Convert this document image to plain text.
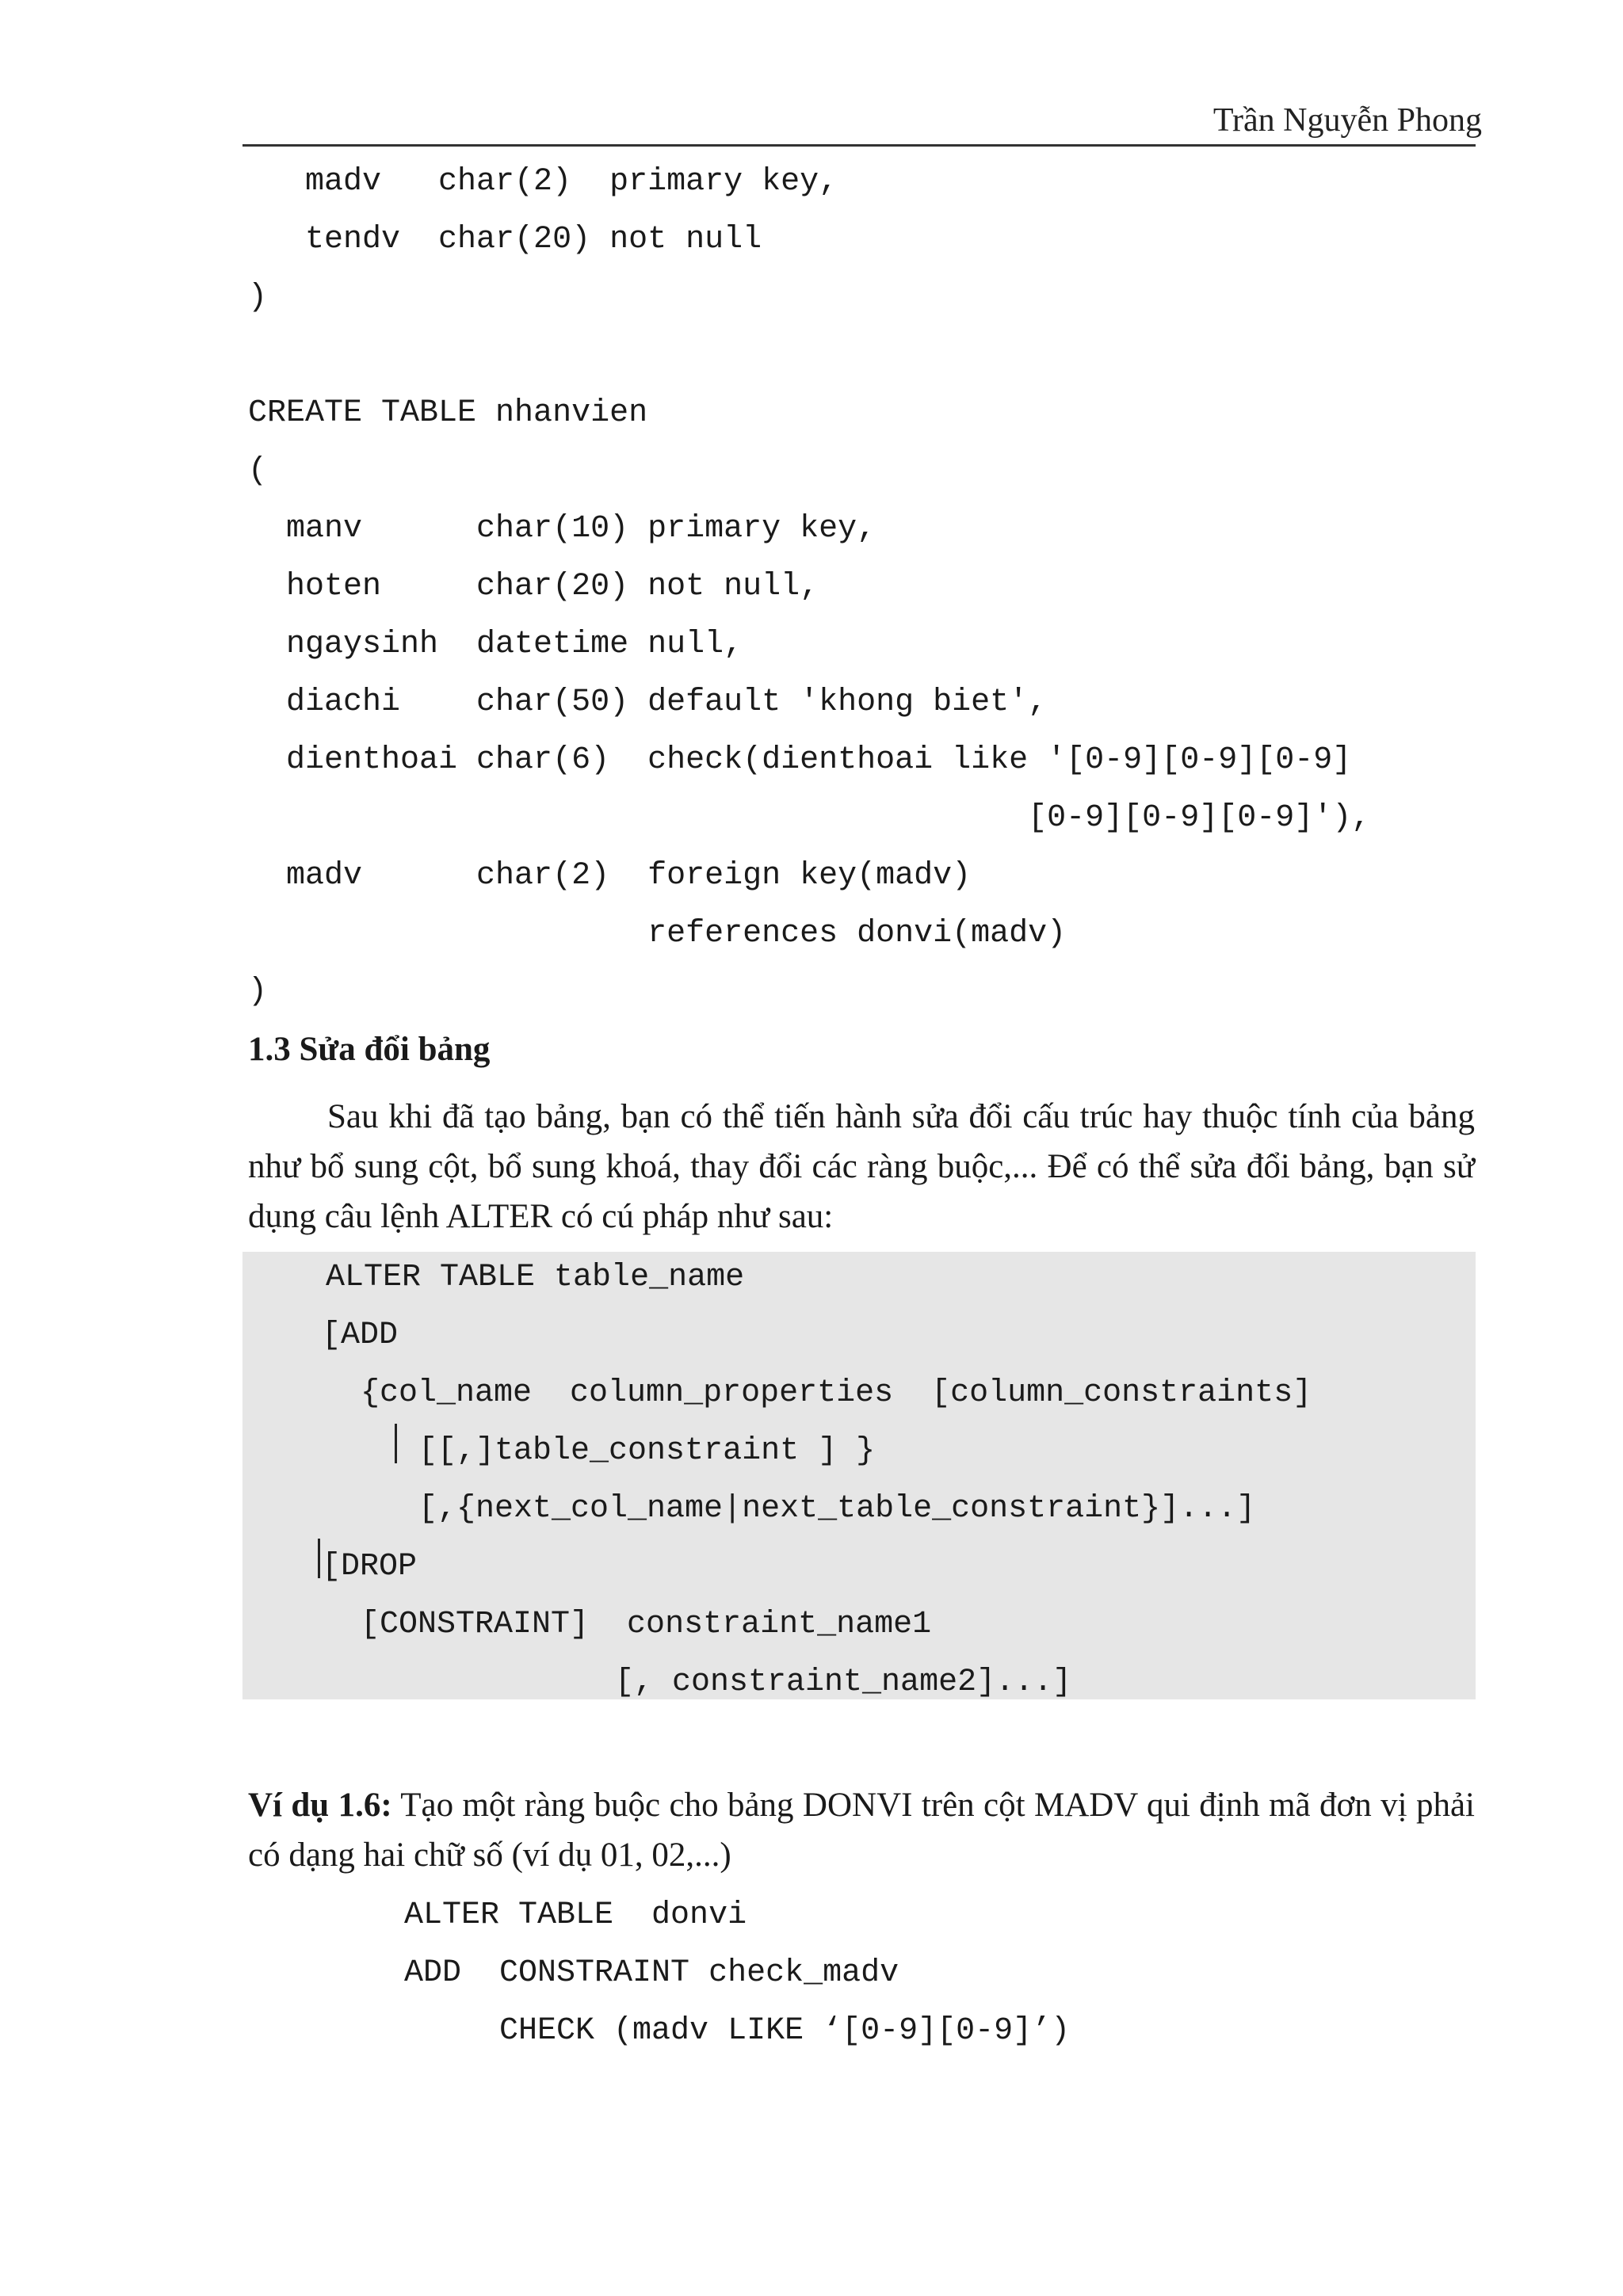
Trần Nguyễn Phong
madv   char(2)  primary key,
tendv  char(20) not null
)
CREATE TABLE nhanvien
(
manv      char(10) primary key,
hoten     char(20) not null,
ngaysinh  datetime null,
diachi    char(50) default 'khong biet',
dienthoai char(6)  check(dienthoai like '[0-9][0-9][0-9]
[0-9][0-9][0-9]'),
madv      char(2)  foreign key(madv)
references donvi(madv)
)
1.3 Sửa đổi bảng
Sau khi đã tạo bảng, bạn có thể tiến hành sửa đổi cấu trúc hay thuộc tính của bảng như bổ sung cột, bổ sung khoá, thay đổi các ràng buộc,... Để có thể sửa đổi bảng, bạn sử dụng câu lệnh ALTER có cú pháp như sau:
ALTER TABLE table_name
[ADD
{col_name  column_properties  [column_constraints]
[[,]table_constraint ] }
[,{next_col_name|next_table_constraint}]...]
[DROP
[CONSTRAINT]  constraint_name1
[, constraint_name2]...]
Ví dụ 1.6: Tạo một ràng buộc cho bảng DONVI trên cột MADV qui định mã đơn vị phải có dạng hai chữ số (ví dụ 01, 02,...)
ALTER TABLE  donvi
ADD  CONSTRAINT check_madv
CHECK (madv LIKE ‘[0-9][0-9]’)
